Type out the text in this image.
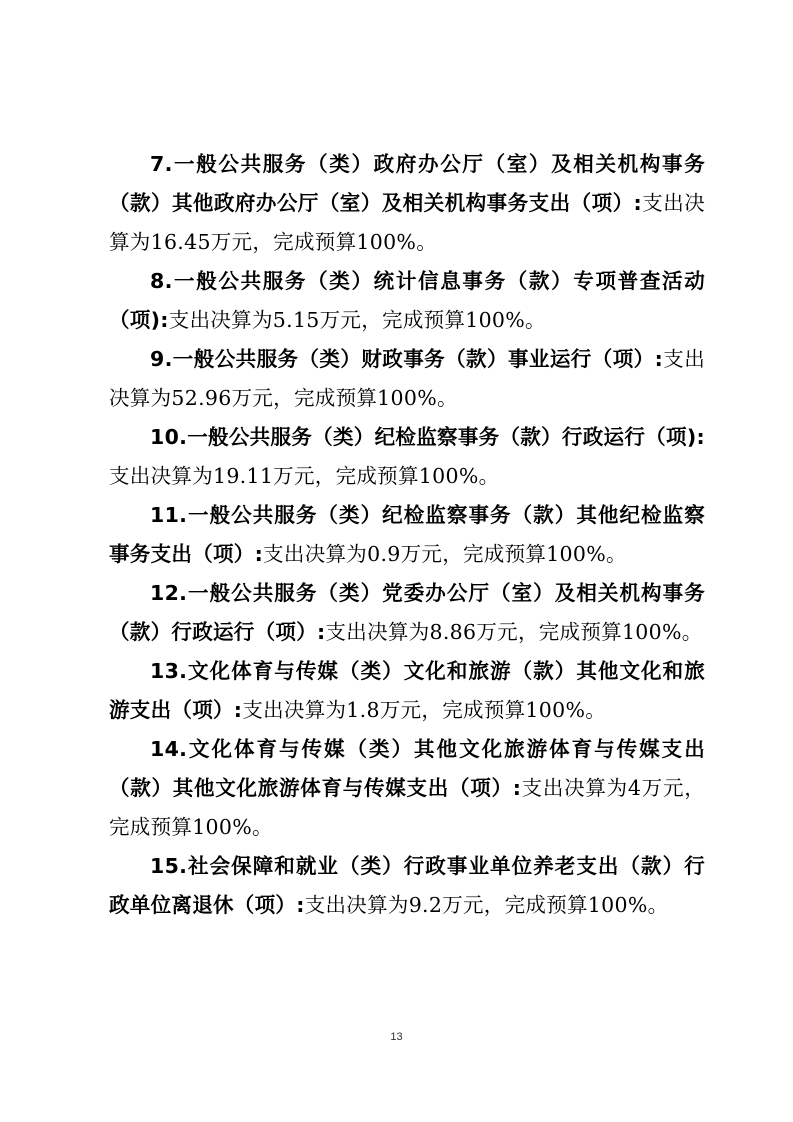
7.一般公共服务（类）政府办公厅（室）及相关机构事务（款）其他政府办公厅（室）及相关机构事务支出（项）:支出决算为16.45万元，完成预算100%。

8.一般公共服务（类）统计信息事务（款）专项普查活动（项):支出决算为5.15万元，完成预算100%。

9.一般公共服务（类）财政事务（款）事业运行（项）:支出决算为52.96万元，完成预算100%。

10.一般公共服务（类）纪检监察事务（款）行政运行（项):支出决算为19.11万元，完成预算100%。

11.一般公共服务（类）纪检监察事务（款）其他纪检监察事务支出（项）:支出决算为0.9万元，完成预算100%。

12.一般公共服务（类）党委办公厅（室）及相关机构事务（款）行政运行（项）:支出决算为8.86万元，完成预算100%。

13.文化体育与传媒（类）文化和旅游（款）其他文化和旅游支出（项）:支出决算为1.8万元，完成预算100%。

14.文化体育与传媒（类）其他文化旅游体育与传媒支出（款）其他文化旅游体育与传媒支出（项）:支出决算为4万元，完成预算100%。

15.社会保障和就业（类）行政事业单位养老支出（款）行政单位离退休（项）:支出决算为9.2万元，完成预算100%。

13
